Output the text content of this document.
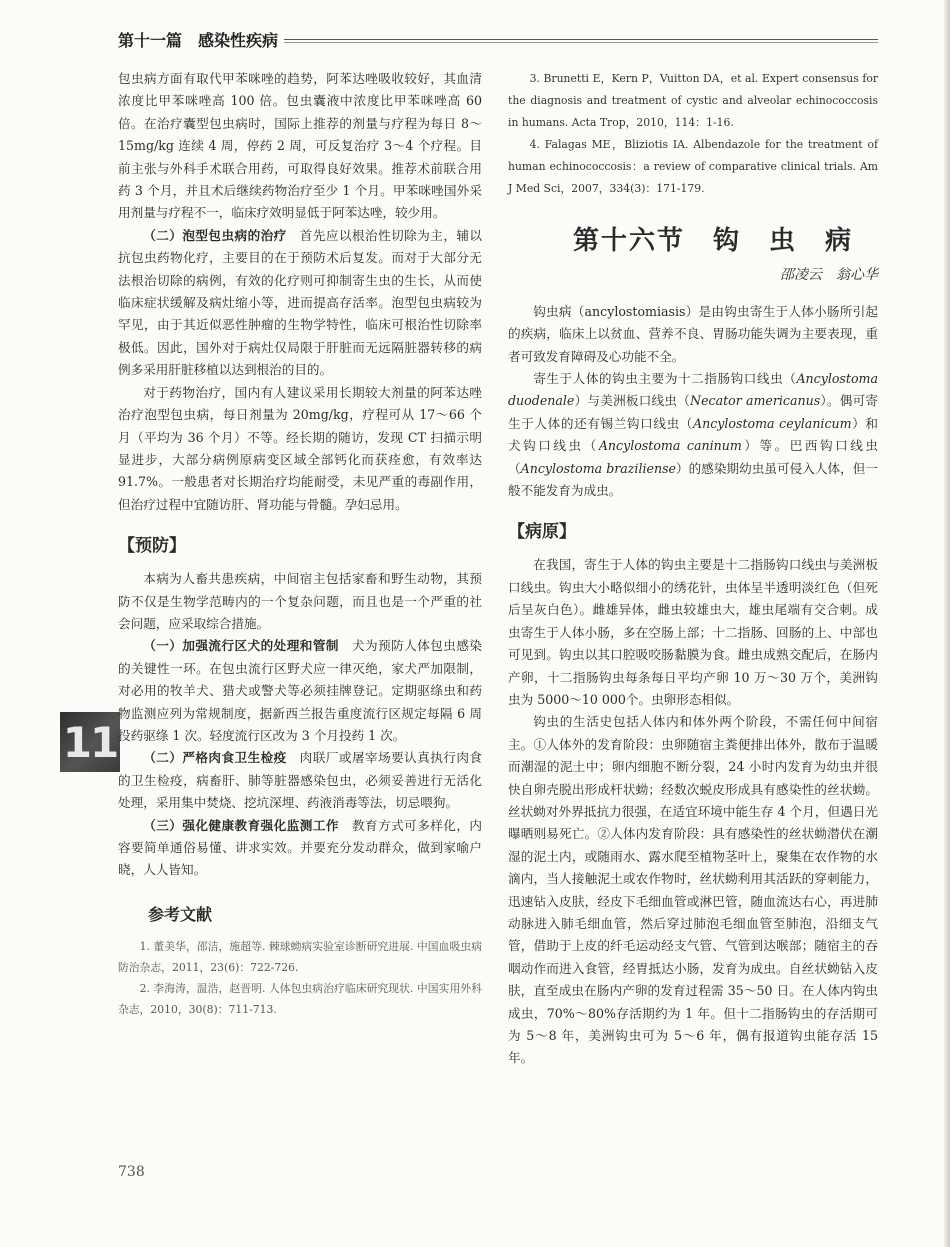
第十一篇　感染性疾病
11

包虫病方面有取代甲苯咪唑的趋势，阿苯达唑吸收较好，其血清浓度比甲苯咪唑高 100 倍。包虫囊液中浓度比甲苯咪唑高 60 倍。在治疗囊型包虫病时，国际上推荐的剂量与疗程为每日 8～15mg/kg 连续 4 周，停药 2 周，可反复治疗 3～4 个疗程。目前主张与外科手术联合用药，可取得良好效果。推荐术前联合用药 3 个月，并且术后继续药物治疗至少 1 个月。甲苯咪唑国外采用剂量与疗程不一，临床疗效明显低于阿苯达唑，较少用。

（二）泡型包虫病的治疗　首先应以根治性切除为主，辅以抗包虫药物化疗，主要目的在于预防术后复发。而对于大部分无法根治切除的病例，有效的化疗则可抑制寄生虫的生长，从而使临床症状缓解及病灶缩小等，进而提高存活率。泡型包虫病较为罕见，由于其近似恶性肿瘤的生物学特性，临床可根治性切除率极低。因此，国外对于病灶仅局限于肝脏而无远隔脏器转移的病例多采用肝脏移植以达到根治的目的。

对于药物治疗，国内有人建议采用长期较大剂量的阿苯达唑治疗泡型包虫病，每日剂量为 20mg/kg，疗程可从 17～66 个月（平均为 36 个月）不等。经长期的随访，发现 CT 扫描示明显进步，大部分病例原病变区域全部钙化而获痊愈，有效率达 91.7%。一般患者对长期治疗均能耐受，未见严重的毒副作用，但治疗过程中宜随访肝、肾功能与骨髓。孕妇忌用。

【预防】

本病为人畜共患疾病，中间宿主包括家畜和野生动物，其预防不仅是生物学范畴内的一个复杂问题，而且也是一个严重的社会问题，应采取综合措施。

（一）加强流行区犬的处理和管制　犬为预防人体包虫感染的关键性一环。在包虫流行区野犬应一律灭绝，家犬严加限制，对必用的牧羊犬、猎犬或警犬等必须挂牌登记。定期驱绦虫和药物监测应列为常规制度，据新西兰报告重度流行区规定每隔 6 周投药驱绦 1 次。轻度流行区改为 3 个月投药 1 次。

（二）严格肉食卫生检疫　肉联厂或屠宰场要认真执行肉食的卫生检疫，病畜肝、肺等脏器感染包虫，必须妥善进行无活化处理，采用集中焚烧、挖坑深埋、药液消毒等法，切忌喂狗。

（三）强化健康教育强化监测工作　教育方式可多样化，内容要简单通俗易懂、讲求实效。并要充分发动群众，做到家喻户晓，人人皆知。

参考文献

1. 董美华，邵洁，施超等. 棘球蚴病实验室诊断研究进展. 中国血吸虫病防治杂志，2011，23(6)：722-726.

2. 李海涛，温浩，赵晋明. 人体包虫病治疗临床研究现状. 中国实用外科杂志，2010，30(8)：711-713.

3. Brunetti E，Kern P，Vuitton DA，et al. Expert consensus for the diagnosis and treatment of cystic and alveolar echinococcosis in humans. Acta Trop，2010，114：1-16.

4. Falagas ME，Bliziotis IA. Albendazole for the treatment of human echinococcosis：a review of comparative clinical trials. Am J Med Sci，2007，334(3)：171-179.

第十六节　钩　虫　病
邵凌云　翁心华

钩虫病（ancylostomiasis）是由钩虫寄生于人体小肠所引起的疾病，临床上以贫血、营养不良、胃肠功能失调为主要表现，重者可致发育障碍及心功能不全。

寄生于人体的钩虫主要为十二指肠钩口线虫（Ancylostoma duodenale）与美洲板口线虫（Necator americanus）。偶可寄生于人体的还有锡兰钩口线虫（Ancylostoma ceylanicum）和犬钩口线虫（Ancylostoma caninum）等。巴西钩口线虫（Ancylostoma braziliense）的感染期幼虫虽可侵入人体，但一般不能发育为成虫。

【病原】

在我国，寄生于人体的钩虫主要是十二指肠钩口线虫与美洲板口线虫。钩虫大小略似细小的绣花针，虫体呈半透明淡红色（但死后呈灰白色）。雌雄异体，雌虫较雄虫大，雄虫尾端有交合刺。成虫寄生于人体小肠，多在空肠上部；十二指肠、回肠的上、中部也可见到。钩虫以其口腔吸咬肠黏膜为食。雌虫成熟交配后，在肠内产卵，十二指肠钩虫每条每日平均产卵 10 万～30 万个，美洲钩虫为 5000～10 000个。虫卵形态相似。

钩虫的生活史包括人体内和体外两个阶段，不需任何中间宿主。①人体外的发育阶段：虫卵随宿主粪便排出体外，散布于温暖而潮湿的泥土中；卵内细胞不断分裂，24 小时内发育为幼虫并很快自卵壳脱出形成杆状蚴；经数次蜕皮形成具有感染性的丝状蚴。丝状蚴对外界抵抗力很强，在适宜环境中能生存 4 个月，但遇日光曝晒则易死亡。②人体内发育阶段：具有感染性的丝状蚴潜伏在潮湿的泥土内，或随雨水、露水爬至植物茎叶上，聚集在农作物的水滴内，当人接触泥土或农作物时，丝状蚴利用其活跃的穿刺能力，迅速钻入皮肤，经皮下毛细血管或淋巴管，随血流达右心，再进肺动脉进入肺毛细血管，然后穿过肺泡毛细血管至肺泡，沿细支气管，借助于上皮的纤毛运动经支气管、气管到达喉部；随宿主的吞咽动作而进入食管，经胃抵达小肠，发育为成虫。自丝状蚴钻入皮肤，直至成虫在肠内产卵的发育过程需 35～50 日。在人体内钩虫成虫，70%～80%存活期约为 1 年。但十二指肠钩虫的存活期可为 5～8 年，美洲钩虫可为 5～6 年，偶有报道钩虫能存活 15 年。

738
